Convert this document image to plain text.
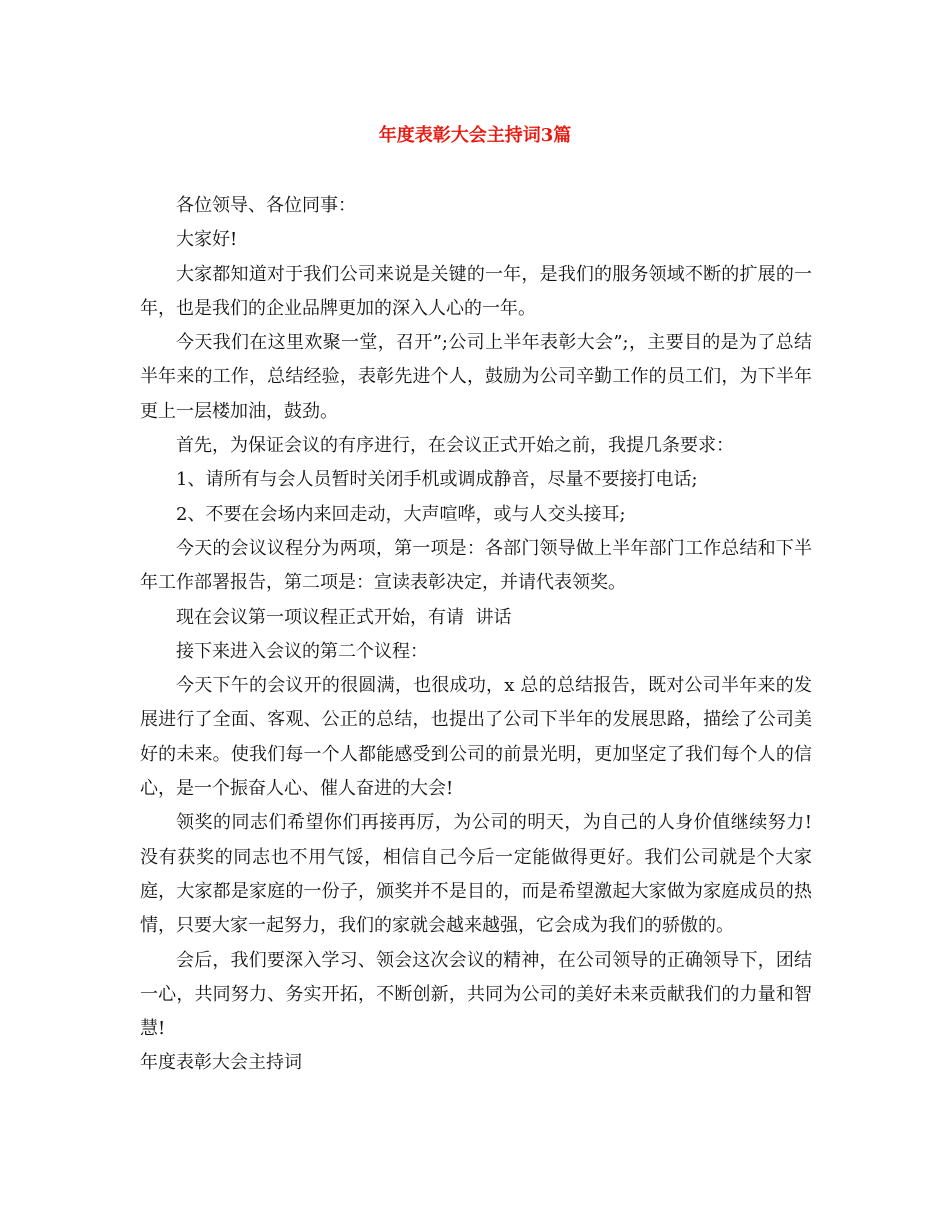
年度表彰大会主持词3篇

各位领导、各位同事：

大家好!

大家都知道对于我们公司来说是关键的一年，是我们的服务领域不断的扩展的一年，也是我们的企业品牌更加的深入人心的一年。

今天我们在这里欢聚一堂，召开”;公司上半年表彰大会”;，主要目的是为了总结半年来的工作，总结经验，表彰先进个人，鼓励为公司辛勤工作的员工们，为下半年更上一层楼加油，鼓劲。

首先，为保证会议的有序进行，在会议正式开始之前，我提几条要求：

1、请所有与会人员暂时关闭手机或调成静音，尽量不要接打电话;

2、不要在会场内来回走动，大声喧哗，或与人交头接耳;

今天的会议议程分为两项，第一项是：各部门领导做上半年部门工作总结和下半年工作部署报告，第二项是：宣读表彰决定，并请代表领奖。

现在会议第一项议程正式开始，有请  讲话

接下来进入会议的第二个议程：

今天下午的会议开的很圆满，也很成功，x 总的总结报告，既对公司半年来的发展进行了全面、客观、公正的总结，也提出了公司下半年的发展思路，描绘了公司美好的未来。使我们每一个人都能感受到公司的前景光明，更加坚定了我们每个人的信心，是一个振奋人心、催人奋进的大会!

领奖的同志们希望你们再接再厉，为公司的明天，为自己的人身价值继续努力!没有获奖的同志也不用气馁，相信自己今后一定能做得更好。我们公司就是个大家庭，大家都是家庭的一份子，颁奖并不是目的，而是希望激起大家做为家庭成员的热情，只要大家一起努力，我们的家就会越来越强，它会成为我们的骄傲的。

会后，我们要深入学习、领会这次会议的精神，在公司领导的正确领导下，团结一心，共同努力、务实开拓，不断创新，共同为公司的美好未来贡献我们的力量和智慧!

年度表彰大会主持词
